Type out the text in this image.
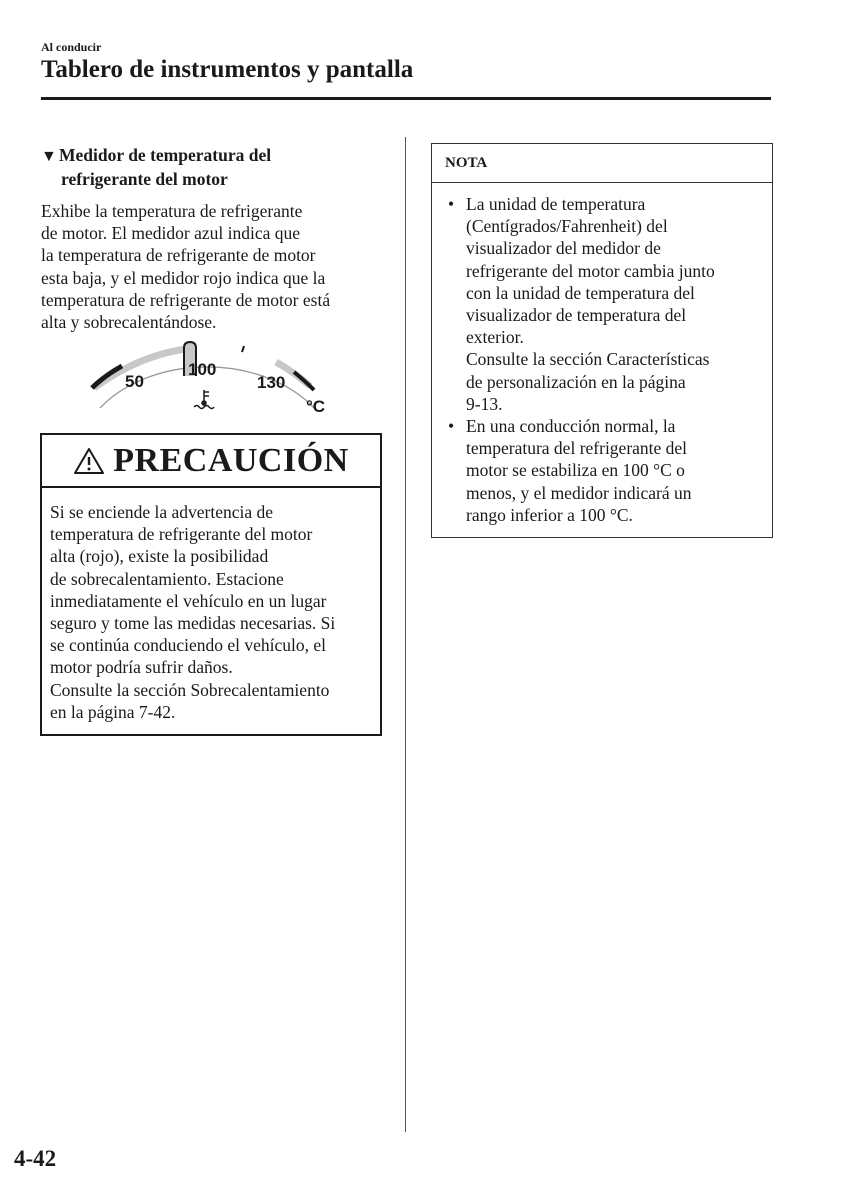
Al conducir
Tablero de instrumentos y pantalla
▼ Medidor de temperatura del
refrigerante del motor

Exhibe la temperatura de refrigerante
de motor. El medidor azul indica que
la temperatura de refrigerante de motor
esta baja, y el medidor rojo indica que la
temperatura de refrigerante de motor está
alta y sobrecalentándose.

50
100
130
°C
PRECAUCIÓN

Si se enciende la advertencia de
temperatura de refrigerante del motor
alta (rojo), existe la posibilidad
de sobrecalentamiento. Estacione
inmediatamente el vehículo en un lugar
seguro y tome las medidas necesarias. Si
se continúa conduciendo el vehículo, el
motor podría sufrir daños.
Consulte la sección Sobrecalentamiento
en la página 7-42.

NOTA
• La unidad de temperatura
(Centígrados/Fahrenheit) del
visualizador del medidor de
refrigerante del motor cambia junto
con la unidad de temperatura del
visualizador de temperatura del
exterior.
Consulte la sección Características
de personalización en la página
9-13.
• En una conducción normal, la
temperatura del refrigerante del
motor se estabiliza en 100 °C o
menos, y el medidor indicará un
rango inferior a 100 °C.
4-42
